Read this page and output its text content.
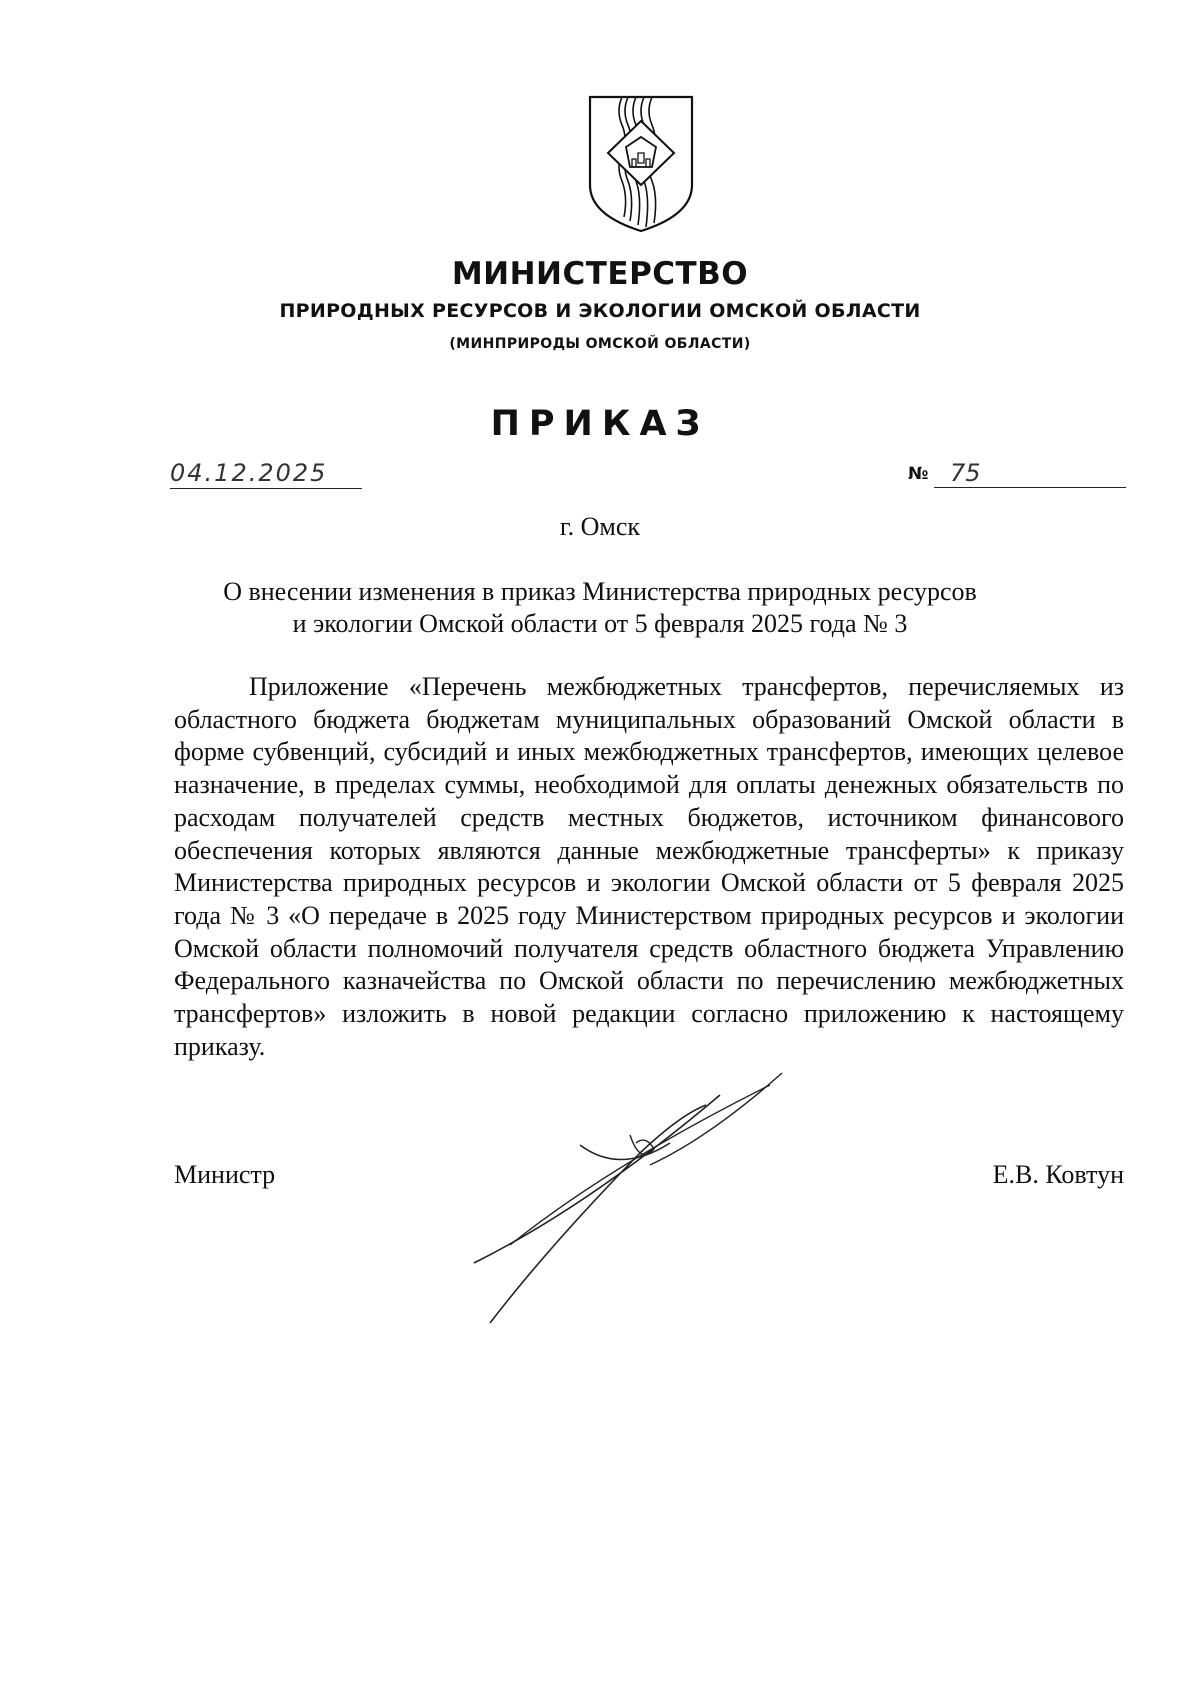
МИНИСТЕРСТВО
ПРИРОДНЫХ РЕСУРСОВ И ЭКОЛОГИИ ОМСКОЙ ОБЛАСТИ
(МИНПРИРОДЫ ОМСКОЙ ОБЛАСТИ)
ПРИКАЗ
04.12.2025	№ 75
г. Омск
О внесении изменения в приказ Министерства природных ресурсов
и экологии Омской области от 5 февраля 2025 года № 3

Приложение «Перечень межбюджетных трансфертов, перечисляемых из областного бюджета бюджетам муниципальных образований Омской области в форме субвенций, субсидий и иных межбюджетных трансфертов, имеющих целевое назначение, в пределах суммы, необходимой для оплаты денежных обязательств по расходам получателей средств местных бюджетов, источником финансового обеспечения которых являются данные межбюджетные трансферты» к приказу Министерства природных ресурсов и экологии Омской области от 5 февраля 2025 года № 3 «О передаче в 2025 году Министерством природных ресурсов и экологии Омской области полномочий получателя средств областного бюджета Управлению Федерального казначейства по Омской области по перечислению межбюджетных трансфертов» изложить в новой редакции согласно приложению к настоящему приказу.

Министр	Е.В. Ковтун
